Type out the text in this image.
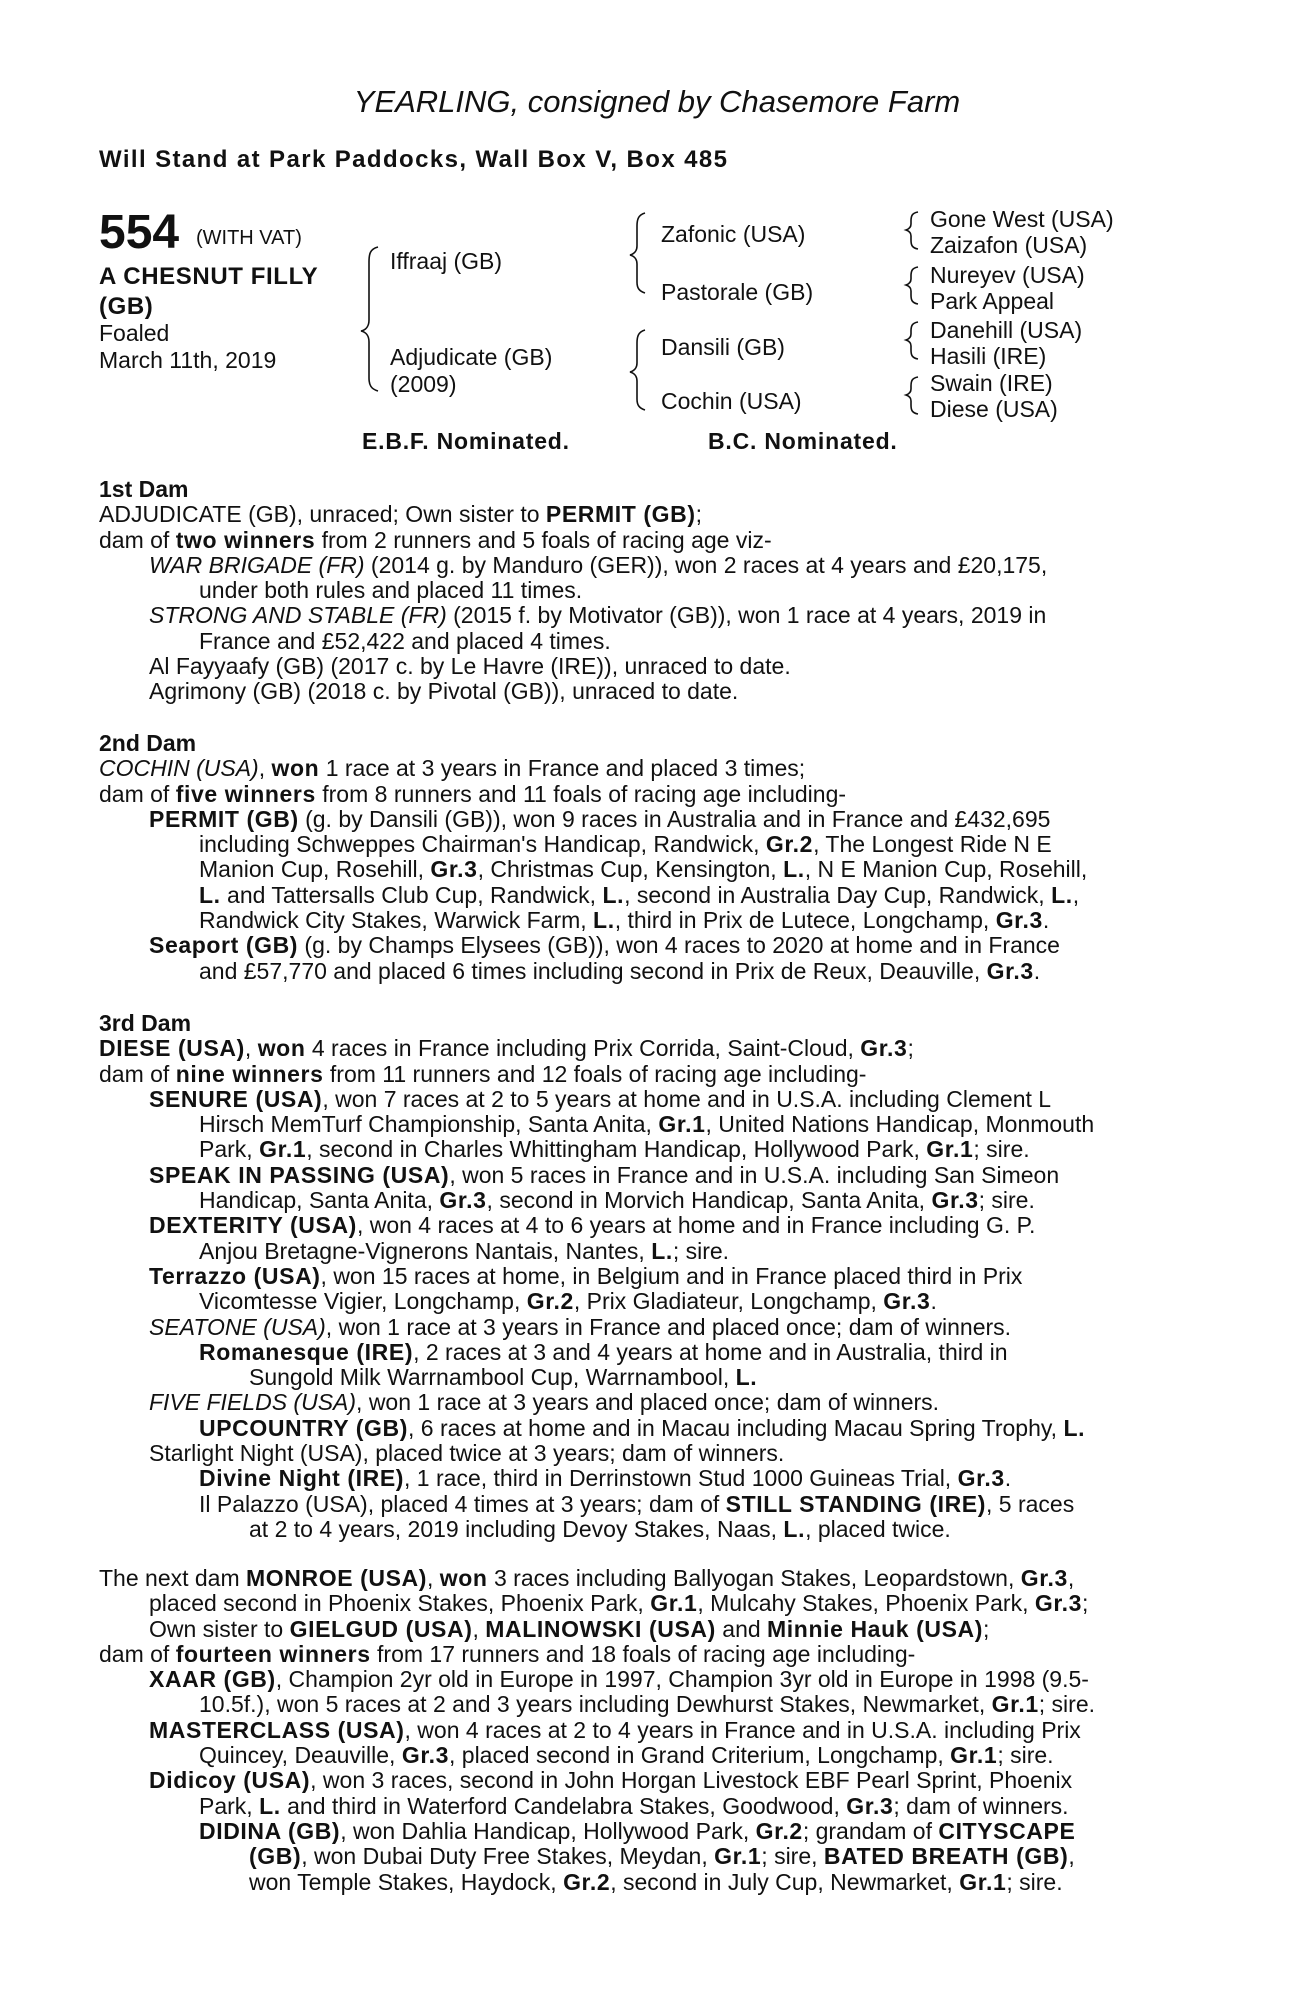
YEARLING, consigned by Chasemore Farm
Will Stand at Park Paddocks, Wall Box V, Box 485
554 (WITH VAT)
A CHESNUT FILLY
(GB)
Foaled
March 11th, 2019
Iffraaj (GB)
Adjudicate (GB)
(2009)
Zafonic (USA)
Pastorale (GB)
Dansili (GB)
Cochin (USA)
Gone West (USA)
Zaizafon (USA)
Nureyev (USA)
Park Appeal
Danehill (USA)
Hasili (IRE)
Swain (IRE)
Diese (USA)
E.B.F. Nominated.	B.C. Nominated.
1st Dam
ADJUDICATE (GB), unraced; Own sister to PERMIT (GB);
dam of two winners from 2 runners and 5 foals of racing age viz-
WAR BRIGADE (FR) (2014 g. by Manduro (GER)), won 2 races at 4 years and £20,175,
under both rules and placed 11 times.
STRONG AND STABLE (FR) (2015 f. by Motivator (GB)), won 1 race at 4 years, 2019 in
France and £52,422 and placed 4 times.
Al Fayyaafy (GB) (2017 c. by Le Havre (IRE)), unraced to date.
Agrimony (GB) (2018 c. by Pivotal (GB)), unraced to date.
2nd Dam
COCHIN (USA), won 1 race at 3 years in France and placed 3 times;
dam of five winners from 8 runners and 11 foals of racing age including-
PERMIT (GB) (g. by Dansili (GB)), won 9 races in Australia and in France and £432,695
including Schweppes Chairman's Handicap, Randwick, Gr.2, The Longest Ride N E
Manion Cup, Rosehill, Gr.3, Christmas Cup, Kensington, L., N E Manion Cup, Rosehill,
L. and Tattersalls Club Cup, Randwick, L., second in Australia Day Cup, Randwick, L.,
Randwick City Stakes, Warwick Farm, L., third in Prix de Lutece, Longchamp, Gr.3.
Seaport (GB) (g. by Champs Elysees (GB)), won 4 races to 2020 at home and in France
and £57,770 and placed 6 times including second in Prix de Reux, Deauville, Gr.3.
3rd Dam
DIESE (USA), won 4 races in France including Prix Corrida, Saint-Cloud, Gr.3;
dam of nine winners from 11 runners and 12 foals of racing age including-
SENURE (USA), won 7 races at 2 to 5 years at home and in U.S.A. including Clement L
Hirsch MemTurf Championship, Santa Anita, Gr.1, United Nations Handicap, Monmouth
Park, Gr.1, second in Charles Whittingham Handicap, Hollywood Park, Gr.1; sire.
SPEAK IN PASSING (USA), won 5 races in France and in U.S.A. including San Simeon
Handicap, Santa Anita, Gr.3, second in Morvich Handicap, Santa Anita, Gr.3; sire.
DEXTERITY (USA), won 4 races at 4 to 6 years at home and in France including G. P.
Anjou Bretagne-Vignerons Nantais, Nantes, L.; sire.
Terrazzo (USA), won 15 races at home, in Belgium and in France placed third in Prix
Vicomtesse Vigier, Longchamp, Gr.2, Prix Gladiateur, Longchamp, Gr.3.
SEATONE (USA), won 1 race at 3 years in France and placed once; dam of winners.
Romanesque (IRE), 2 races at 3 and 4 years at home and in Australia, third in
Sungold Milk Warrnambool Cup, Warrnambool, L.
FIVE FIELDS (USA), won 1 race at 3 years and placed once; dam of winners.
UPCOUNTRY (GB), 6 races at home and in Macau including Macau Spring Trophy, L.
Starlight Night (USA), placed twice at 3 years; dam of winners.
Divine Night (IRE), 1 race, third in Derrinstown Stud 1000 Guineas Trial, Gr.3.
Il Palazzo (USA), placed 4 times at 3 years; dam of STILL STANDING (IRE), 5 races
at 2 to 4 years, 2019 including Devoy Stakes, Naas, L., placed twice.
The next dam MONROE (USA), won 3 races including Ballyogan Stakes, Leopardstown, Gr.3,
placed second in Phoenix Stakes, Phoenix Park, Gr.1, Mulcahy Stakes, Phoenix Park, Gr.3;
Own sister to GIELGUD (USA), MALINOWSKI (USA) and Minnie Hauk (USA);
dam of fourteen winners from 17 runners and 18 foals of racing age including-
XAAR (GB), Champion 2yr old in Europe in 1997, Champion 3yr old in Europe in 1998 (9.5-
10.5f.), won 5 races at 2 and 3 years including Dewhurst Stakes, Newmarket, Gr.1; sire.
MASTERCLASS (USA), won 4 races at 2 to 4 years in France and in U.S.A. including Prix
Quincey, Deauville, Gr.3, placed second in Grand Criterium, Longchamp, Gr.1; sire.
Didicoy (USA), won 3 races, second in John Horgan Livestock EBF Pearl Sprint, Phoenix
Park, L. and third in Waterford Candelabra Stakes, Goodwood, Gr.3; dam of winners.
DIDINA (GB), won Dahlia Handicap, Hollywood Park, Gr.2; grandam of CITYSCAPE
(GB), won Dubai Duty Free Stakes, Meydan, Gr.1; sire, BATED BREATH (GB),
won Temple Stakes, Haydock, Gr.2, second in July Cup, Newmarket, Gr.1; sire.
